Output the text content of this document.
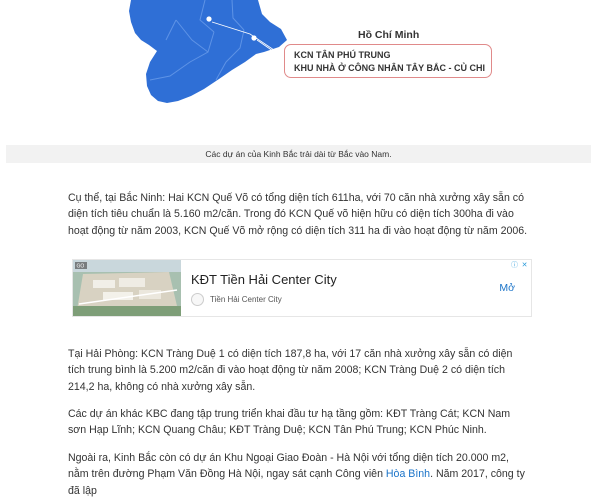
Hồ Chí Minh
KCN TÂN PHÚ TRUNG
KHU NHÀ Ở CÔNG NHÂN TÂY BẮC - CỦ CHI
Các dự án của Kinh Bắc trải dài từ Bắc vào Nam.
Cụ thể, tại Bắc Ninh: Hai KCN Quế Võ có tổng diện tích 611ha, với 70 căn nhà xưởng xây sẵn có diện tích tiêu chuẩn là 5.160 m2/căn. Trong đó KCN Quế võ hiện hữu có diện tích 300ha đi vào hoạt động từ năm 2003, KCN Quế Võ mở rộng có diện tích 311 ha đi vào hoạt động từ năm 2006.
GO
KĐT Tiền Hải Center City
Tiền Hải Center City
Mở
ⓘ ✕
Tại Hải Phòng: KCN Tràng Duệ 1 có diện tích 187,8 ha, với 17 căn nhà xưởng xây sẵn có diện tích trung bình là 5.200 m2/căn đi vào hoạt động từ năm 2008; KCN Tràng Duệ 2 có diện tích 214,2 ha, không có nhà xưởng xây sẵn.
Các dự án khác KBC đang tập trung triển khai đầu tư hạ tầng gồm: KĐT Tràng Cát; KCN Nam sơn Hạp Lĩnh; KCN Quang Châu; KĐT Tràng Duệ; KCN Tân Phú Trung; KCN Phúc Ninh.
Ngoài ra, Kinh Bắc còn có dự án Khu Ngoại Giao Đoàn - Hà Nội với tổng diện tích 20.000 m2, nằm trên đường Phạm Văn Đồng Hà Nội, ngay sát cạnh Công viên Hòa Bình. Năm 2017, công ty đã lập
